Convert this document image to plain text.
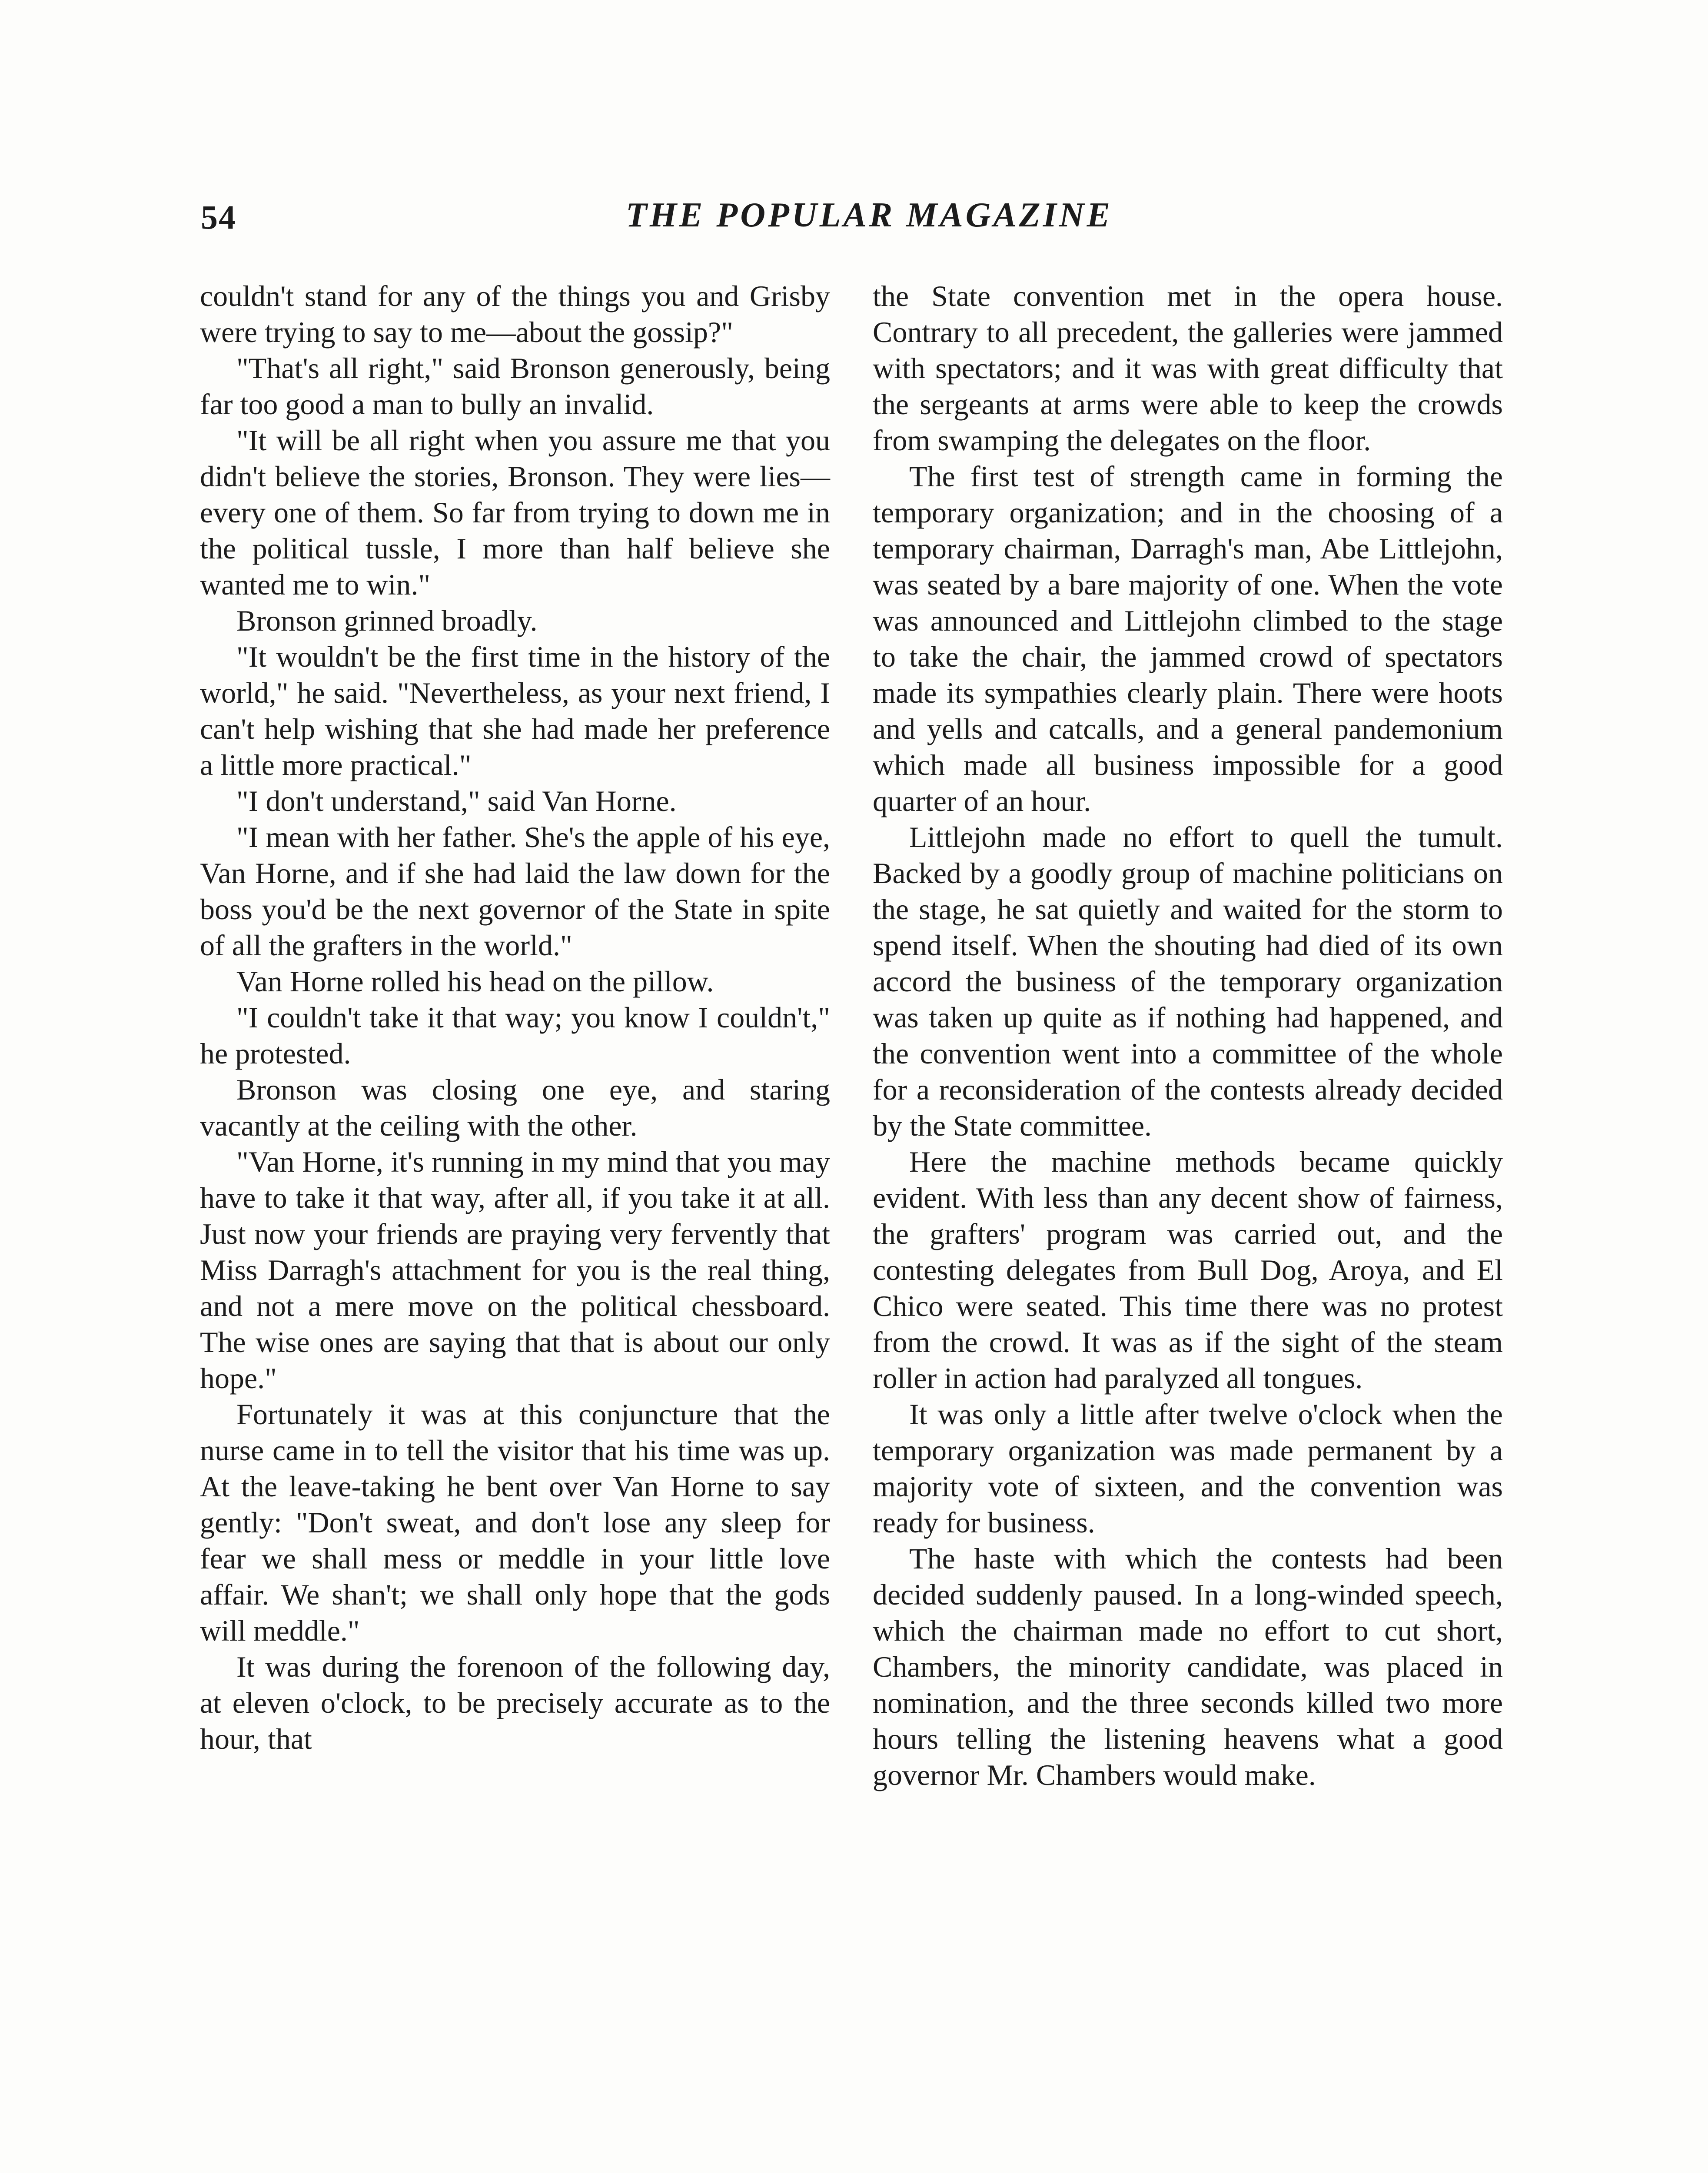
54	THE POPULAR MAGAZINE

couldn't stand for any of the things you and Grisby were trying to say to me—about the gossip?"

"That's all right," said Bronson generously, being far too good a man to bully an invalid.

"It will be all right when you assure me that you didn't believe the stories, Bronson. They were lies—every one of them. So far from trying to down me in the political tussle, I more than half believe she wanted me to win."

Bronson grinned broadly.

"It wouldn't be the first time in the history of the world," he said. "Nevertheless, as your next friend, I can't help wishing that she had made her preference a little more practical."

"I don't understand," said Van Horne.

"I mean with her father. She's the apple of his eye, Van Horne, and if she had laid the law down for the boss you'd be the next governor of the State in spite of all the grafters in the world."

Van Horne rolled his head on the pillow.

"I couldn't take it that way; you know I couldn't," he protested.

Bronson was closing one eye, and staring vacantly at the ceiling with the other.

"Van Horne, it's running in my mind that you may have to take it that way, after all, if you take it at all. Just now your friends are praying very fervently that Miss Darragh's attachment for you is the real thing, and not a mere move on the political chessboard. The wise ones are saying that that is about our only hope."

Fortunately it was at this conjuncture that the nurse came in to tell the visitor that his time was up. At the leave-taking he bent over Van Horne to say gently: "Don't sweat, and don't lose any sleep for fear we shall mess or meddle in your little love affair. We shan't; we shall only hope that the gods will meddle."

It was during the forenoon of the following day, at eleven o'clock, to be precisely accurate as to the hour, that

the State convention met in the opera house. Contrary to all precedent, the galleries were jammed with spectators; and it was with great difficulty that the sergeants at arms were able to keep the crowds from swamping the delegates on the floor.

The first test of strength came in forming the temporary organization; and in the choosing of a temporary chairman, Darragh's man, Abe Littlejohn, was seated by a bare majority of one. When the vote was announced and Littlejohn climbed to the stage to take the chair, the jammed crowd of spectators made its sympathies clearly plain. There were hoots and yells and catcalls, and a general pandemonium which made all business impossible for a good quarter of an hour.

Littlejohn made no effort to quell the tumult. Backed by a goodly group of machine politicians on the stage, he sat quietly and waited for the storm to spend itself. When the shouting had died of its own accord the business of the temporary organization was taken up quite as if nothing had happened, and the convention went into a committee of the whole for a reconsideration of the contests already decided by the State committee.

Here the machine methods became quickly evident. With less than any decent show of fairness, the grafters' program was carried out, and the contesting delegates from Bull Dog, Aroya, and El Chico were seated. This time there was no protest from the crowd. It was as if the sight of the steam roller in action had paralyzed all tongues.

It was only a little after twelve o'clock when the temporary organization was made permanent by a majority vote of sixteen, and the convention was ready for business.

The haste with which the contests had been decided suddenly paused. In a long-winded speech, which the chairman made no effort to cut short, Chambers, the minority candidate, was placed in nomination, and the three seconds killed two more hours telling the listening heavens what a good governor Mr. Chambers would make.
